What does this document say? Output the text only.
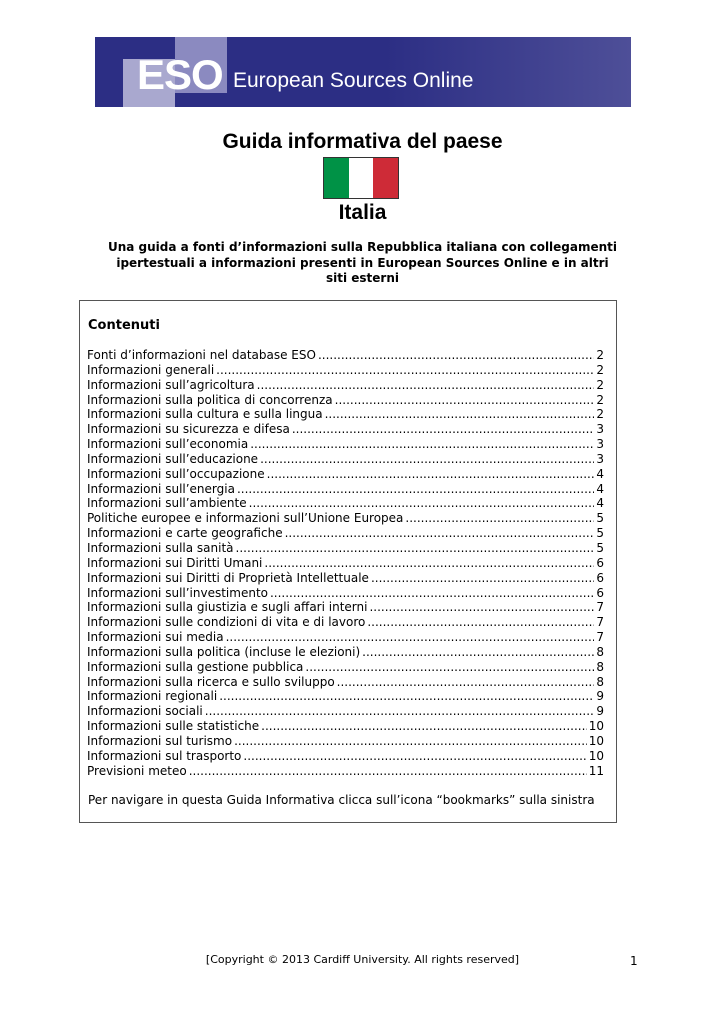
ESO European Sources Online
Guida informativa del paese
Italia
Una guida a fonti d’informazioni sulla Repubblica italiana con collegamenti
ipertestuali a informazioni presenti in European Sources Online e in altri
siti esterni
Contenuti
Fonti d’informazioni nel database ESO .....	2
Informazioni generali .....	2
Informazioni sull’agricoltura .....	2
Informazioni sulla politica di concorrenza .....	2
Informazioni sulla cultura e sulla lingua .....	2
Informazioni su sicurezza e difesa .....	3
Informazioni sull’economia .....	3
Informazioni sull’educazione .....	3
Informazioni sull’occupazione .....	4
Informazioni sull’energia .....	4
Informazioni sull’ambiente .....	4
Politiche europee e informazioni sull’Unione Europea .....	5
Informazioni e carte geografiche .....	5
Informazioni sulla sanità .....	5
Informazioni sui Diritti Umani .....	6
Informazioni sui Diritti di Proprietà Intellettuale .....	6
Informazioni sull’investimento .....	6
Informazioni sulla giustizia e sugli affari interni .....	7
Informazioni sulle condizioni di vita e di lavoro .....	7
Informazioni sui media .....	7
Informazioni sulla politica (incluse le elezioni) .....	8
Informazioni sulla gestione pubblica .....	8
Informazioni sulla ricerca e sullo sviluppo .....	8
Informazioni regionali .....	9
Informazioni sociali .....	9
Informazioni sulle statistiche .....	10
Informazioni sul turismo .....	10
Informazioni sul trasporto .....	10
Previsioni meteo .....	11
Per navigare in questa Guida Informativa clicca sull’icona “bookmarks” sulla sinistra
[Copyright © 2013 Cardiff University. All rights reserved]	1
